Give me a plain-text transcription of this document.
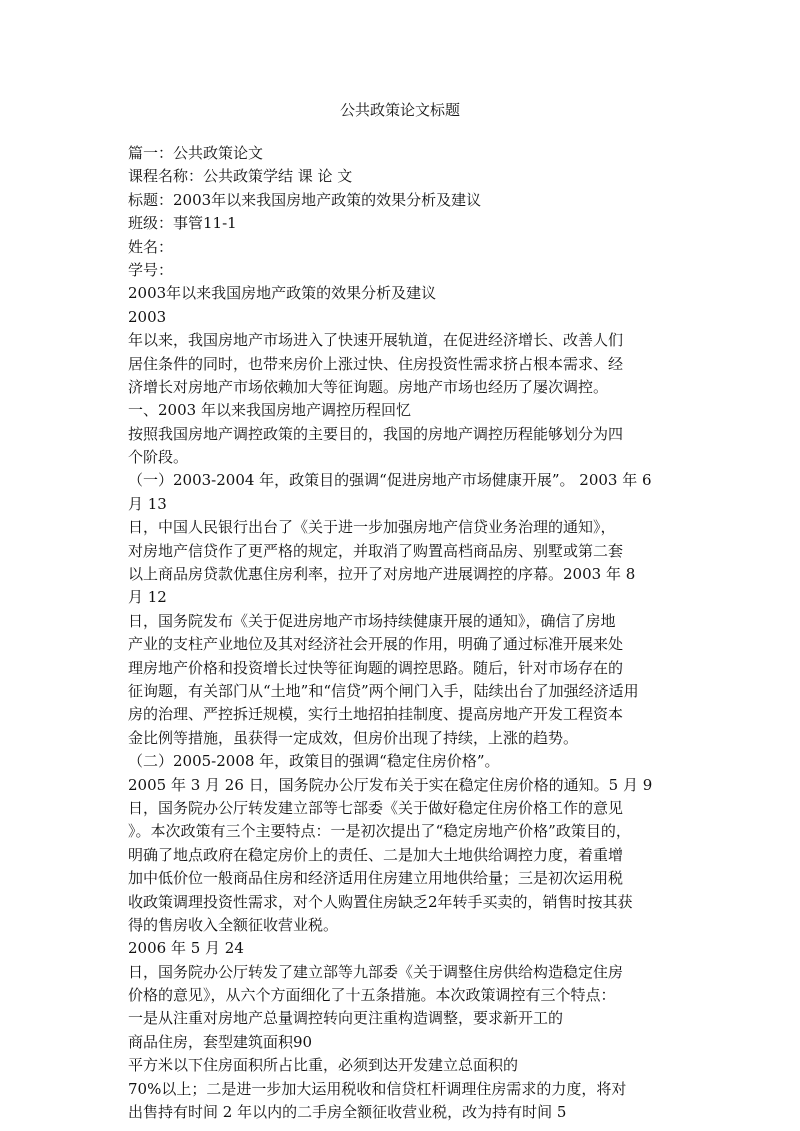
公共政策论文标题
篇一：公共政策论文
课程名称：公共政策学结 课 论 文
标题：2003年以来我国房地产政策的效果分析及建议
班级：事管11-1
姓名：
学号：
2003年以来我国房地产政策的效果分析及建议
2003
年以来，我国房地产市场进入了快速开展轨道，在促进经济增长、改善人们
居住条件的同时，也带来房价上涨过快、住房投资性需求挤占根本需求、经
济增长对房地产市场依赖加大等征询题。房地产市场也经历了屡次调控。
一、2003 年以来我国房地产调控历程回忆
按照我国房地产调控政策的主要目的，我国的房地产调控历程能够划分为四
个阶段。
（一）2003-2004 年，政策目的强调“促进房地产市场健康开展”。 2003 年 6
月 13
日，中国人民银行出台了《关于进一步加强房地产信贷业务治理的通知》，
对房地产信贷作了更严格的规定，并取消了购置高档商品房、别墅或第二套
以上商品房贷款优惠住房利率，拉开了对房地产进展调控的序幕。2003 年 8
月 12
日，国务院发布《关于促进房地产市场持续健康开展的通知》，确信了房地
产业的支柱产业地位及其对经济社会开展的作用，明确了通过标准开展来处
理房地产价格和投资增长过快等征询题的调控思路。随后，针对市场存在的
征询题，有关部门从“土地”和“信贷”两个闸门入手，陆续出台了加强经济适用
房的治理、严控拆迁规模，实行土地招拍挂制度、提高房地产开发工程资本
金比例等措施，虽获得一定成效，但房价出现了持续，上涨的趋势。
（二）2005-2008 年，政策目的强调“稳定住房价格”。
2005 年 3 月 26 日，国务院办公厅发布关于实在稳定住房价格的通知。5 月 9
日，国务院办公厅转发建立部等七部委《关于做好稳定住房价格工作的意见
》。本次政策有三个主要特点：一是初次提出了“稳定房地产价格”政策目的，
明确了地点政府在稳定房价上的责任、二是加大土地供给调控力度，着重增
加中低价位一般商品住房和经济适用住房建立用地供给量；三是初次运用税
收政策调理投资性需求，对个人购置住房缺乏2年转手买卖的，销售时按其获
得的售房收入全额征收营业税。
2006 年 5 月 24
日，国务院办公厅转发了建立部等九部委《关于调整住房供给构造稳定住房
价格的意见》，从六个方面细化了十五条措施。本次政策调控有三个特点：
一是从注重对房地产总量调控转向更注重构造调整，要求新开工的
商品住房，套型建筑面积90
平方米以下住房面积所占比重，必须到达开发建立总面积的
70%以上；二是进一步加大运用税收和信贷杠杆调理住房需求的力度，将对
出售持有时间 2 年以内的二手房全额征收营业税，改为持有时间 5
